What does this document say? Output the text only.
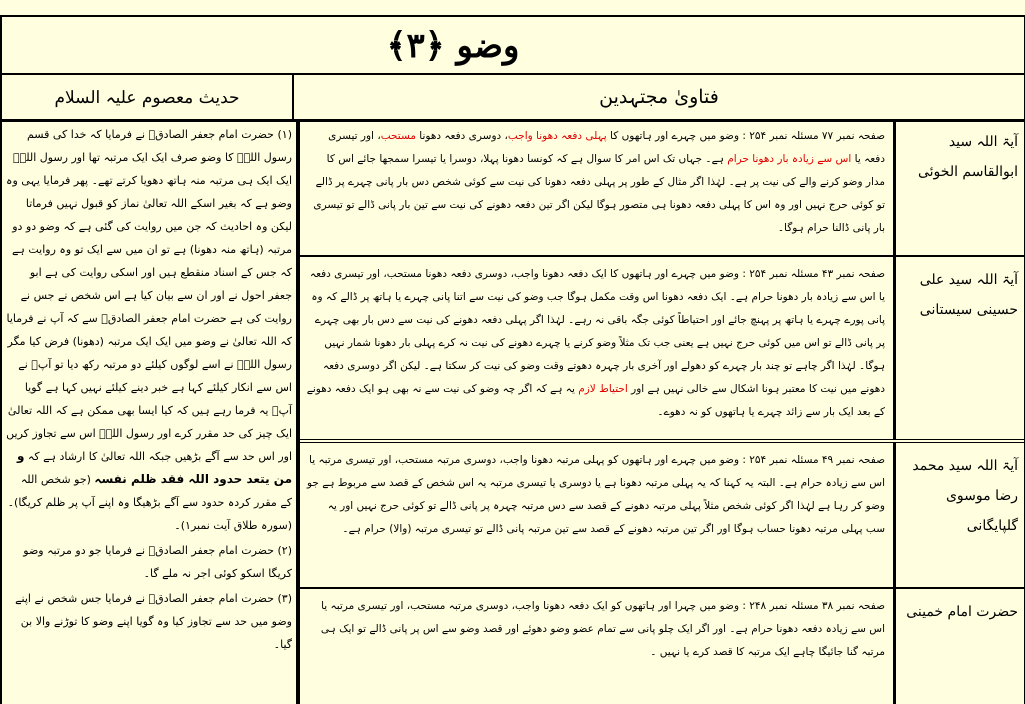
وضو ﴿۳﴾
حدیث معصوم علیہ السلام	فتاویٰ مجتہدین

(۱) حضرت امام جعفر الصادقؑ نے فرمایا کہ خدا کی قسم رسول اللہؐ کا وضو صرف ایک ایک مرتبہ تھا اور رسول اللہؐ ایک ایک ہی مرتبہ منہ ہاتھ دھویا کرتے تھے۔ پھر فرمایا یہی وہ وضو ہے کہ بغیر اسکے اللہ تعالیٰ نماز کو قبول نہیں فرماتا لیکن وہ احادیث کہ جن میں روایت کی گئی ہے کہ وضو دو دو مرتبہ (ہاتھ منہ دھونا) ہے تو ان میں سے ایک تو وہ روایت ہے کہ جس کے اسناد منقطع ہیں اور اسکی روایت کی ہے ابو جعفر احول نے اور ان سے بیان کیا ہے اس شخص نے جس نے روایت کی ہے حضرت امام جعفر الصادقؑ سے کہ آپ نے فرمایا کہ اللہ تعالیٰ نے وضو میں ایک ایک مرتبہ (دھونا) فرض کیا مگر رسول اللہؐ نے اسے لوگوں کیلئے دو مرتبہ رکھ دیا تو آپؐ نے اس سے انکار کیلئے کہا ہے خبر دینے کیلئے نہیں کہا ہے گویا آپؐ یہ فرما رہے ہیں کہ کیا ایسا بھی ممکن ہے کہ اللہ تعالیٰ ایک چیز کی حد مقرر کرے اور رسول اللہؐ اس سے تجاوز کریں اور اس حد سے آگے بڑھیں جبکہ اللہ تعالیٰ کا ارشاد ہے کہ و من یتعد حدود اللہ فقد ظلم نفسہ (جو شخص اللہ کے مقرر کردہ حدود سے آگے بڑھیگا وہ اپنے آپ پر ظلم کریگا)۔ (سورہ طلاق آیت نمبر۱)۔

(۲) حضرت امام جعفر الصادقؑ نے فرمایا جو دو مرتبہ وضو کریگا اسکو کوئی اجر نہ ملے گا۔

(۳) حضرت امام جعفر الصادقؑ نے فرمایا جس شخص نے اپنے وضو میں حد سے تجاوز کیا وہ گویا اپنے وضو کا توڑنے والا بن گیا۔

صفحہ نمبر ۷۷ مسئلہ نمبر ۲۵۴ : وضو میں چہرے اور ہاتھوں کا پہلی دفعہ دھونا واجب، دوسری دفعہ دھونا مستحب، اور تیسری دفعہ یا اس سے زیادہ بار دھونا حرام ہے۔ جہاں تک اس امر کا سوال ہے کہ کونسا دھونا پہلا، دوسرا یا تیسرا سمجھا جائے اس کا مدار وضو کرنے والے کی نیت پر ہے۔ لہٰذا اگر مثال کے طور پر پہلی دفعہ دھونا کی نیت سے کوئی شخص دس بار پانی چہرے پر ڈالے تو کوئی حرج نہیں اور وہ اس کا پہلی دفعہ دھونا ہی متصور ہوگا لیکن اگر تین دفعہ دھونے کی نیت سے تین بار پانی ڈالے تو تیسری بار پانی ڈالنا حرام ہوگا۔
آیۃ اللہ سید ابوالقاسم الخوئی
صفحہ نمبر ۴۳ مسئلہ نمبر ۲۵۴ : وضو میں چہرے اور ہاتھوں کا ایک دفعہ دھونا واجب، دوسری دفعہ دھونا مستحب، اور تیسری دفعہ یا اس سے زیادہ بار دھونا حرام ہے۔ ایک دفعہ دھونا اس وقت مکمل ہوگا جب وضو کی نیت سے اتنا پانی چہرے یا ہاتھ پر ڈالے کہ وہ پانی پورے چہرے یا ہاتھ پر پہنچ جائے اور احتیاطاً کوئی جگہ باقی نہ رہے۔ لہٰذا اگر پہلی دفعہ دھونے کی نیت سے دس بار بھی چہرے پر پانی ڈالے تو اس میں کوئی حرج نہیں ہے یعنی جب تک مثلاً وضو کرنے یا چہرے دھونے کی نیت نہ کرے پہلی بار دھونا شمار نہیں ہوگا۔ لہٰذا اگر چاہے تو چند بار چہرے کو دھولے اور آخری بار چہرہ دھوتے وقت وضو کی نیت کر سکتا ہے۔ لیکن اگر دوسری دفعہ دھونے میں نیت کا معتبر ہونا اشکال سے خالی نہیں ہے اور احتیاط لازم یہ ہے کہ اگر چہ وضو کی نیت سے نہ بھی ہو ایک دفعہ دھونے کے بعد ایک بار سے زائد چہرے یا ہاتھوں کو نہ دھوے۔
آیۃ اللہ سید علی حسینی سیستانی
صفحہ نمبر ۴۹ مسئلہ نمبر ۲۵۴ : وضو میں چہرے اور ہاتھوں کو پہلی مرتبہ دھونا واجب، دوسری مرتبہ مستحب، اور تیسری مرتبہ یا اس سے زیادہ حرام ہے۔ البتہ یہ کہنا کہ یہ پہلی مرتبہ دھونا ہے یا دوسری یا تیسری مرتبہ یہ اس شخص کے قصد سے مربوط ہے جو وضو کر رہا ہے لہٰذا اگر کوئی شخص مثلاً پہلی مرتبہ دھونے کے قصد سے دس مرتبہ چہرہ پر پانی ڈالے تو کوئی حرج نہیں اور یہ سب پہلی مرتبہ دھونا حساب ہوگا اور اگر تین مرتبہ دھونے کے قصد سے تین مرتبہ پانی ڈالے تو تیسری مرتبہ (والا) حرام ہے۔
آیۃ اللہ سید محمد رضا موسوی گلپایگانی
صفحہ نمبر ۳۸ مسئلہ نمبر ۲۴۸ : وضو میں چہرا اور ہاتھوں کو ایک دفعہ دھونا واجب، دوسری مرتبہ مستحب، اور تیسری مرتبہ یا اس سے زیادہ دفعہ دھونا حرام ہے۔ اور اگر ایک چلو پانی سے تمام عضو وضو دھوئے اور قصد وضو سے اس پر پانی ڈالے تو ایک ہی مرتبہ گنا جائیگا چاہے ایک مرتبہ کا قصد کرے یا نہیں ۔
حضرت امام خمینی
